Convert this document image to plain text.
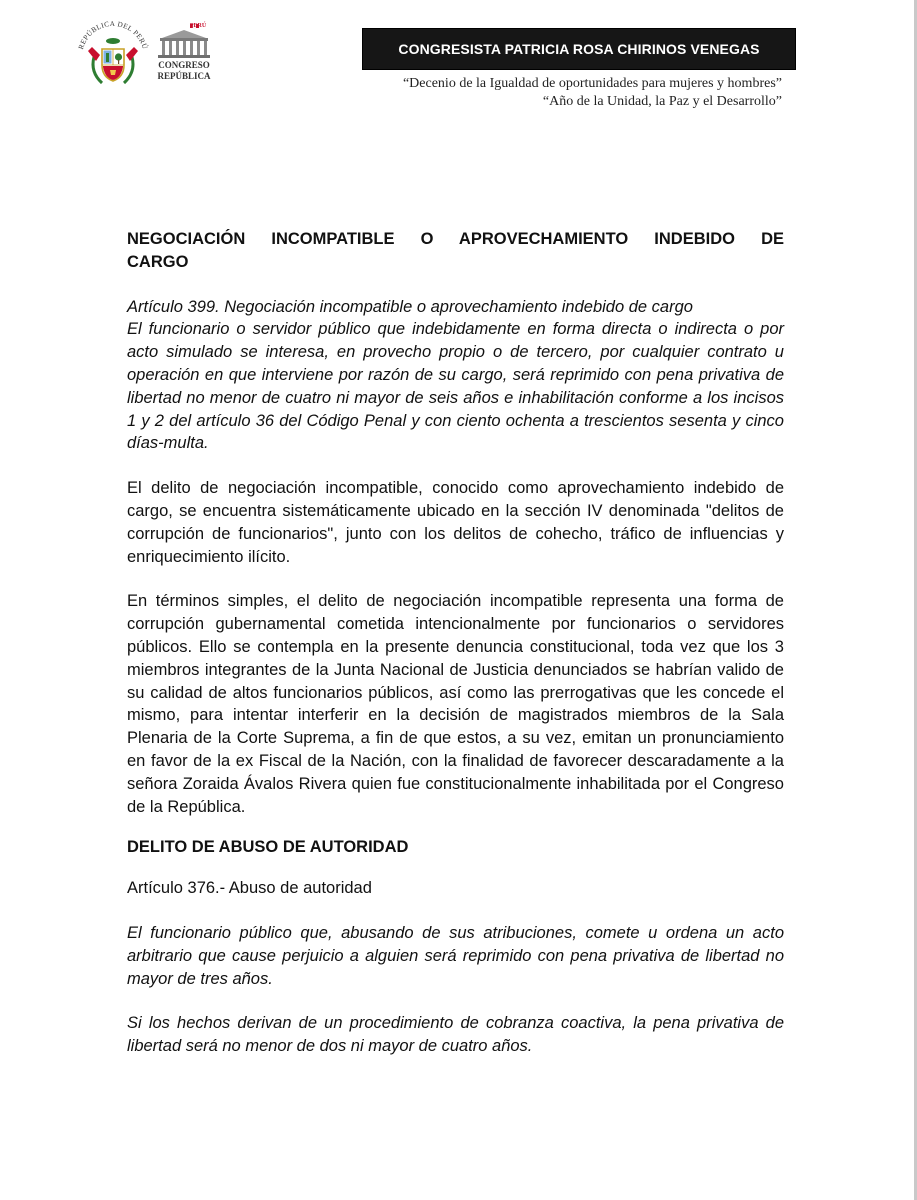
REPÚBLICA DEL PERÚ
PERÚ
CONGRESO
REPÚBLICA
CONGRESISTA PATRICIA ROSA CHIRINOS VENEGAS
“Decenio de la Igualdad de oportunidades para mujeres y hombres”
“Año de la Unidad, la Paz y el Desarrollo”
NEGOCIACIÓN INCOMPATIBLE O APROVECHAMIENTO INDEBIDO DE
CARGO

Artículo 399. Negociación incompatible o aprovechamiento indebido de cargo

El funcionario o servidor público que indebidamente en forma directa o indirecta o por acto simulado se interesa, en provecho propio o de tercero, por cualquier contrato u operación en que interviene por razón de su cargo, será reprimido con pena privativa de libertad no menor de cuatro ni mayor de seis años e inhabilitación conforme a los incisos 1 y 2 del artículo 36 del Código Penal y con ciento ochenta a trescientos sesenta y cinco días-multa.

El delito de negociación incompatible, conocido como aprovechamiento indebido de cargo, se encuentra sistemáticamente ubicado en la sección IV denominada "delitos de corrupción de funcionarios", junto con los delitos de cohecho, tráfico de influencias y enriquecimiento ilícito.

En términos simples, el delito de negociación incompatible representa una forma de corrupción gubernamental cometida intencionalmente por funcionarios o servidores públicos. Ello se contempla en la presente denuncia constitucional, toda vez que los 3 miembros integrantes de la Junta Nacional de Justicia denunciados se habrían valido de su calidad de altos funcionarios públicos, así como las prerrogativas que les concede el mismo, para intentar interferir en la decisión de magistrados miembros de la Sala Plenaria de la Corte Suprema, a fin de que estos, a su vez, emitan un pronunciamiento en favor de la ex Fiscal de la Nación, con la finalidad de favorecer descaradamente a la señora Zoraida Ávalos Rivera quien fue constitucionalmente inhabilitada por el Congreso de la República.

DELITO DE ABUSO DE AUTORIDAD

Artículo 376.- Abuso de autoridad

El funcionario público que, abusando de sus atribuciones, comete u ordena un acto arbitrario que cause perjuicio a alguien será reprimido con pena privativa de libertad no mayor de tres años.

Si los hechos derivan de un procedimiento de cobranza coactiva, la pena privativa de libertad será no menor de dos ni mayor de cuatro años.
